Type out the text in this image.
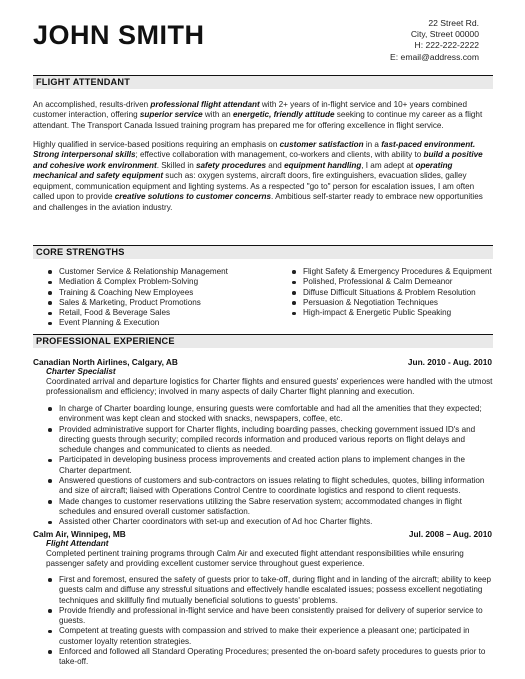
JOHN SMITH	22 Street Rd.
City, Street 00000
H: 222-222-2222
E: email@address.com
FLIGHT ATTENDANT
An accomplished, results-driven professional flight attendant with 2+ years of in-flight service and 10+ years combined customer interaction, offering superior service with an energetic, friendly attitude seeking to continue my career as a flight attendant. The Transport Canada Issued training program has prepared me for offering excellence in flight service.
Highly qualified in service-based positions requiring an emphasis on customer satisfaction in a fast-paced environment. Strong interpersonal skills; effective collaboration with management, co-workers and clients, with ability to build a positive and cohesive work environment. Skilled in safety procedures and equipment handling, I am adept at operating mechanical and safety equipment such as: oxygen systems, aircraft doors, fire extinguishers, evacuation slides, galley equipment, communication equipment and lighting systems. As a respected "go to" person for escalation issues, I am often called upon to provide creative solutions to customer concerns. Ambitious self-starter ready to embrace new opportunities and challenges in the aviation industry.
CORE STRENGTHS
Customer Service & Relationship Management
Mediation & Complex Problem-Solving
Training & Coaching New Employees
Sales & Marketing, Product Promotions
Retail, Food & Beverage Sales
Event Planning & Execution
Flight Safety & Emergency Procedures & Equipment
Polished, Professional & Calm Demeanor
Diffuse Difficult Situations & Problem Resolution
Persuasion & Negotiation Techniques
High-impact & Energetic Public Speaking
PROFESSIONAL EXPERIENCE
Canadian North Airlines, Calgary, AB	Jun. 2010 - Aug. 2010
Charter Specialist
Coordinated arrival and departure logistics for Charter flights and ensured guests' experiences were handled with the utmost professionalism and efficiency; involved in many aspects of daily Charter flight planning and execution.
In charge of Charter boarding lounge, ensuring guests were comfortable and had all the amenities that they expected; environment was kept clean and stocked with snacks, newspapers, coffee, etc.
Provided administrative support for Charter flights, including boarding passes, checking government issued ID's and directing guests through security; compiled records information and produced various reports on flight delays and schedule changes and communicated to clients as needed.
Participated in developing business process improvements and created action plans to implement changes in the Charter department.
Answered questions of customers and sub-contractors on issues relating to flight schedules, quotes, billing information and size of aircraft; liaised with Operations Control Centre to coordinate logistics and respond to client requests.
Made changes to customer reservations utilizing the Sabre reservation system; accommodated changes in flight schedules and ensured overall customer satisfaction.
Assisted other Charter coordinators with set-up and execution of Ad hoc Charter flights.
Calm Air, Winnipeg, MB	Jul. 2008 – Aug. 2010
Flight Attendant
Completed pertinent training programs through Calm Air and executed flight attendant responsibilities while ensuring passenger safety and providing excellent customer service throughout guest experience.
First and foremost, ensured the safety of guests prior to take-off, during flight and in landing of the aircraft; ability to keep guests calm and diffuse any stressful situations and effectively handle escalated issues; possess excellent negotiating techniques and skillfully find mutually beneficial solutions to guests' problems.
Provide friendly and professional in-flight service and have been consistently praised for delivery of superior service to guests.
Competent at treating guests with compassion and strived to make their experience a pleasant one; participated in customer loyalty retention strategies.
Enforced and followed all Standard Operating Procedures; presented the on-board safety procedures to guests prior to take-off.
